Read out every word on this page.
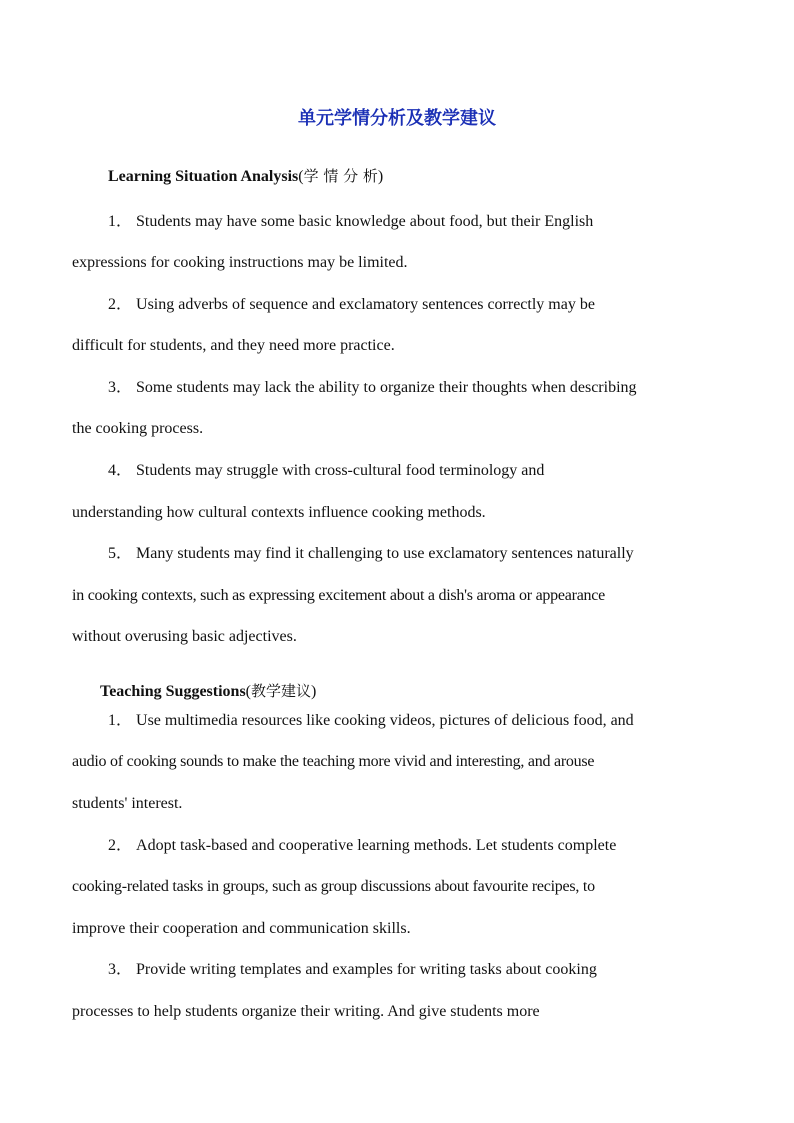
单元学情分析及教学建议
Learning Situation Analysis(学 情 分 析)
1． Students may have some basic knowledge about food, but their English
expressions for cooking instructions may be limited.
2． Using adverbs of sequence and exclamatory sentences correctly may be
difficult for students, and they need more practice.
3． Some students may lack the ability to organize their thoughts when describing
the cooking process.
4． Students may struggle with cross-cultural food terminology and
understanding how cultural contexts influence cooking methods.
5． Many students may find it challenging to use exclamatory sentences naturally
in cooking contexts, such as expressing excitement about a dish's aroma or appearance
without overusing basic adjectives.
Teaching Suggestions(教学建议)
1． Use multimedia resources like cooking videos, pictures of delicious food, and
audio of cooking sounds to make the teaching more vivid and interesting, and arouse
students' interest.
2． Adopt task-based and cooperative learning methods. Let students complete
cooking-related tasks in groups, such as group discussions about favourite recipes, to
improve their cooperation and communication skills.
3． Provide writing templates and examples for writing tasks about cooking
processes to help students organize their writing. And give students more
